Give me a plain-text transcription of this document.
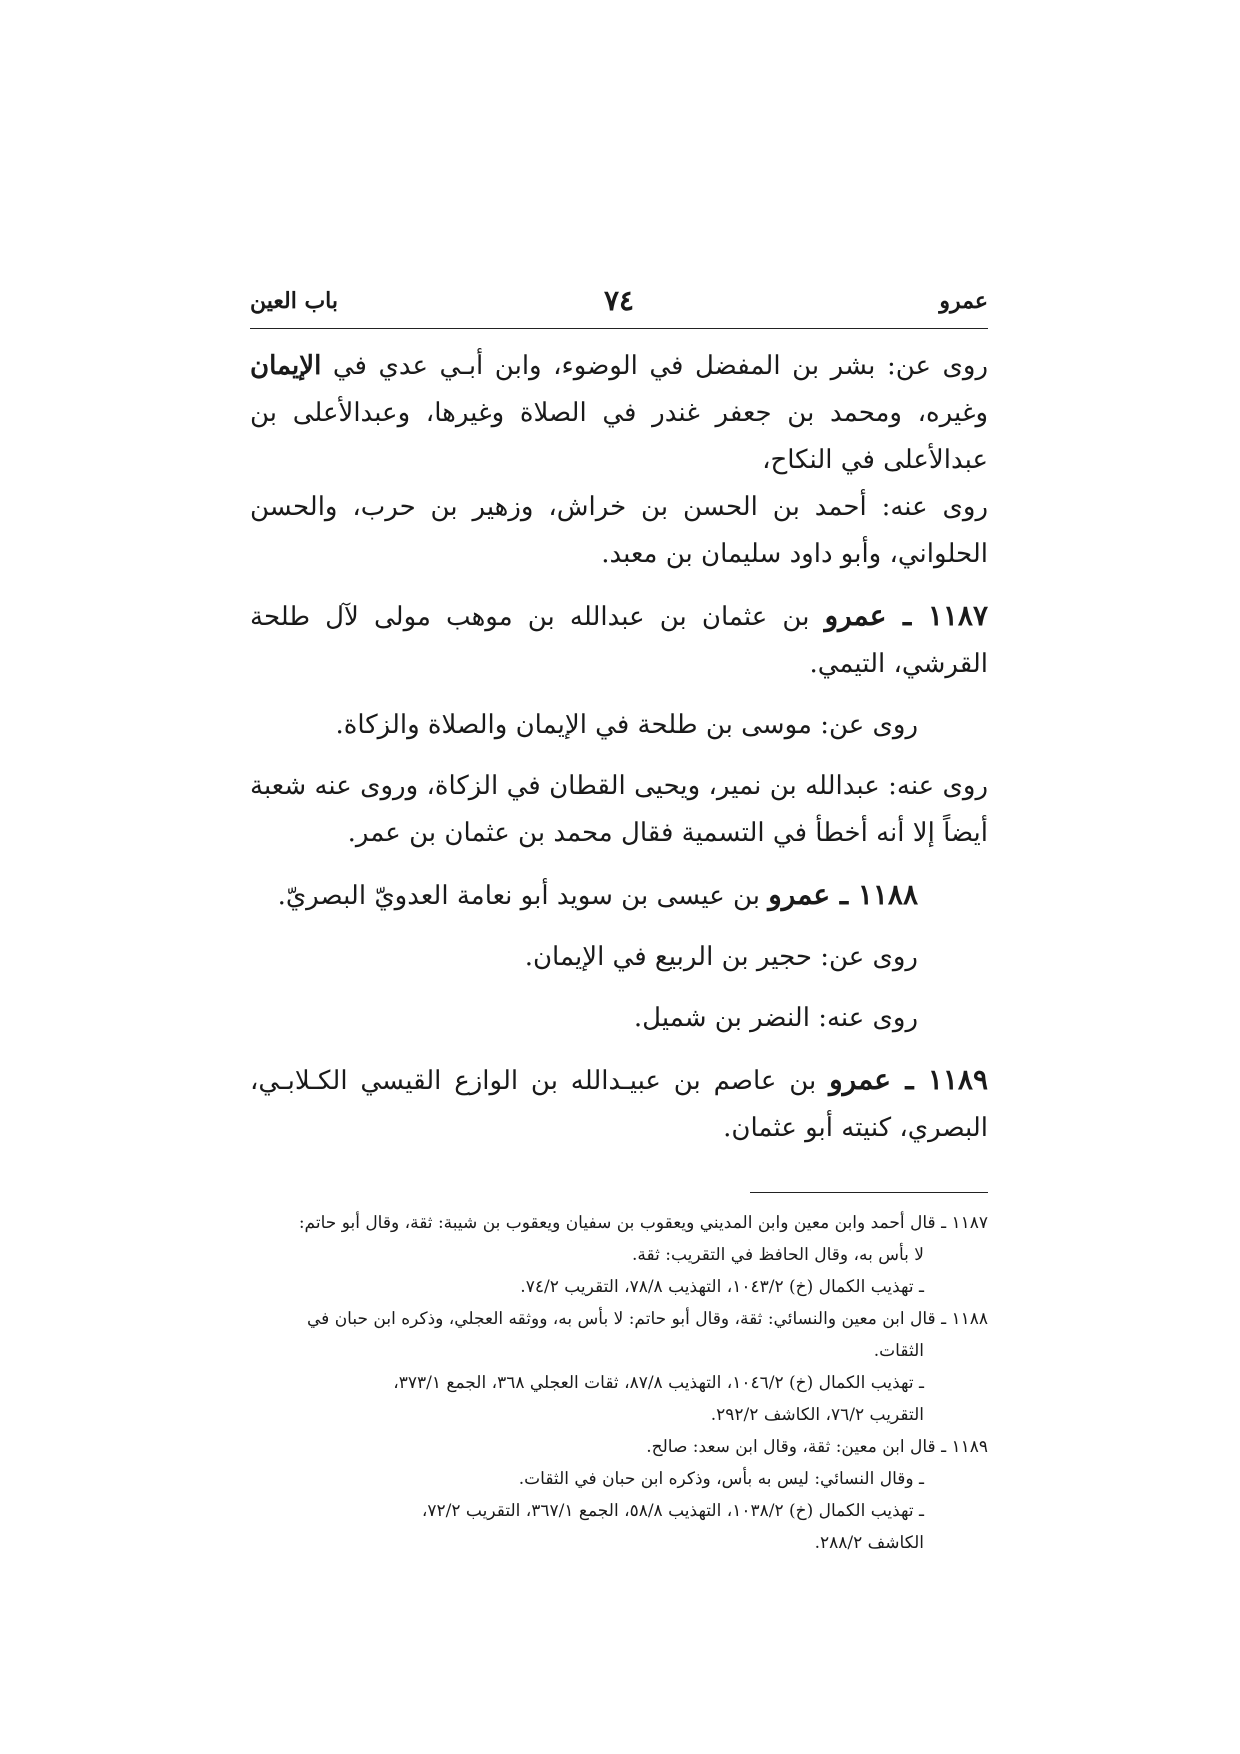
عمرو
٧٤
باب العين

روى عن: بشر بن المفضل في الوضوء، وابن أبـي عدي في الإيمان وغيره، ومحمد بن جعفر غندر في الصلاة وغيرها، وعبدالأعلى بن عبدالأعلى في النكاح،

روى عنه: أحمد بن الحسن بن خراش، وزهير بن حرب، والحسن الحلواني، وأبو داود سليمان بن معبد.

١١٨٧ ـ عمرو بن عثمان بن عبدالله بن موهب مولى لآل طلحة القرشي، التيمي.

روى عن: موسى بن طلحة في الإيمان والصلاة والزكاة.

روى عنه: عبدالله بن نمير، ويحيى القطان في الزكاة، وروى عنه شعبة أيضاً إلا أنه أخطأ في التسمية فقال محمد بن عثمان بن عمر.

١١٨٨ ـ عمرو بن عيسى بن سويد أبو نعامة العدويّ البصريّ.

روى عن: حجير بن الربيع في الإيمان.

روى عنه: النضر بن شميل.

١١٨٩ ـ عمرو بن عاصم بن عبيـدالله بن الوازع القيسي الكـلابـي، البصري، كنيته أبو عثمان.

١١٨٧ ـ قال أحمد وابن معين وابن المديني ويعقوب بن سفيان ويعقوب بن شيبة: ثقة، وقال أبو حاتم:

لا بأس به، وقال الحافظ في التقريب: ثقة.

ـ تهذيب الكمال (خ) ١٠٤٣/٢، التهذيب ٧٨/٨، التقريب ٧٤/٢.

١١٨٨ ـ قال ابن معين والنسائي: ثقة، وقال أبو حاتم: لا بأس به، ووثقه العجلي، وذكره ابن حبان في

الثقات.

ـ تهذيب الكمال (خ) ١٠٤٦/٢، التهذيب ٨٧/٨، ثقات العجلي ٣٦٨، الجمع ٣٧٣/١،

التقريب ٧٦/٢، الكاشف ٢٩٢/٢.

١١٨٩ ـ قال ابن معين: ثقة، وقال ابن سعد: صالح.

ـ وقال النسائي: ليس به بأس، وذكره ابن حبان في الثقات.

ـ تهذيب الكمال (خ) ١٠٣٨/٢، التهذيب ٥٨/٨، الجمع ٣٦٧/١، التقريب ٧٢/٢،

الكاشف ٢٨٨/٢.
